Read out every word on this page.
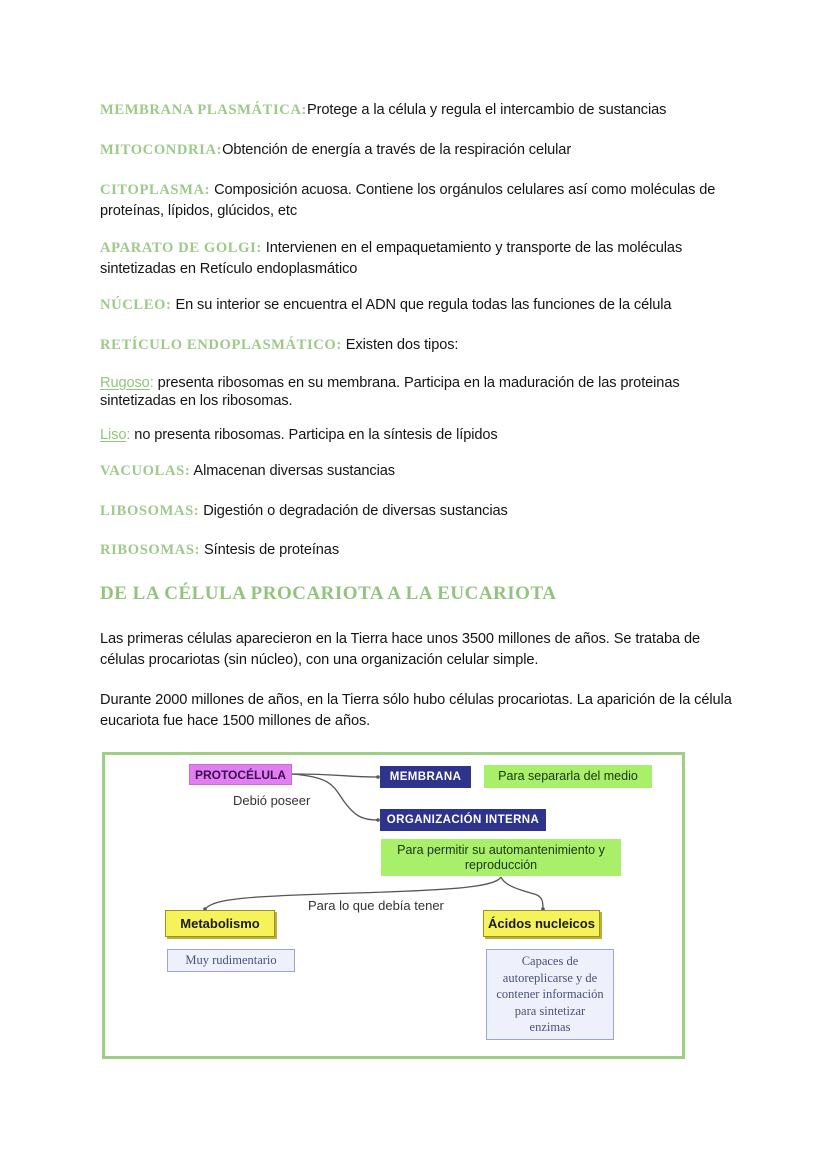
MEMBRANA PLASMÁTICA:Protege a la célula y regula el intercambio de sustancias
MITOCONDRIA:Obtención de energía a través de la respiración celular
CITOPLASMA: Composición acuosa. Contiene los orgánulos celulares así como moléculas de proteínas, lípidos, glúcidos, etc
APARATO DE GOLGI: Intervienen en el empaquetamiento y transporte de las moléculas sintetizadas en Retículo endoplasmático
NÚCLEO: En su interior se encuentra el ADN que regula todas las funciones de la célula
RETÍCULO ENDOPLASMÁTICO: Existen dos tipos:
Rugoso: presenta ribosomas en su membrana. Participa en la maduración de las proteinas sintetizadas en los ribosomas.
Liso: no presenta ribosomas. Participa en la síntesis de lípidos
VACUOLAS: Almacenan diversas sustancias
LIBOSOMAS: Digestión o degradación de diversas sustancias
RIBOSOMAS: Síntesis de proteínas
DE LA CÉLULA PROCARIOTA A LA EUCARIOTA
Las primeras células aparecieron en la Tierra hace unos 3500 millones de años. Se trataba de células procariotas (sin núcleo), con una organización celular simple.
Durante 2000 millones de años, en la Tierra sólo hubo células procariotas. La aparición de la célula eucariota fue hace 1500 millones de años.
PROTOCÉLULA
Debió poseer
MEMBRANA	Para separarla del medio
ORGANIZACIÓN INTERNA
Para permitir su automantenimiento y reproducción
Para lo que debía tener
Metabolismo
Muy rudimentario
Ácidos nucleicos
Capaces de autoreplicarse y de contener información para sintetizar enzimas
